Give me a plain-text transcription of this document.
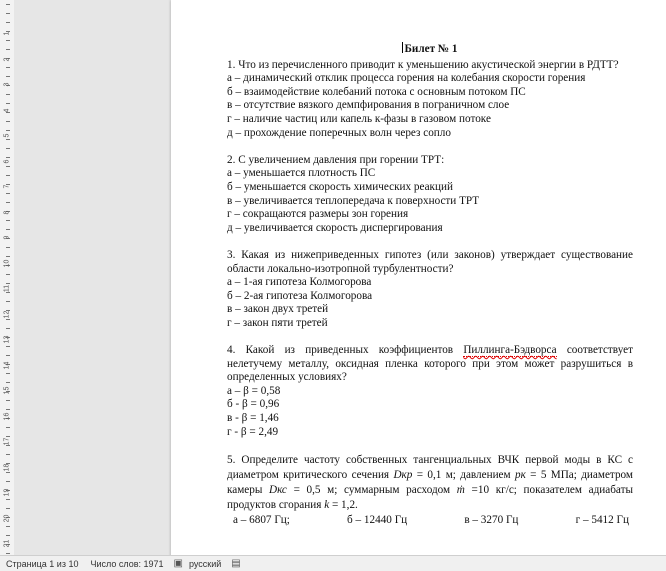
1
2
3
4
5
6
7
8
9
10
11
12
13
14
15
16
17
18
19
20
21
Билет № 1
1. Что из перечисленного приводит к уменьшению акустической энергии в РДТТ?
а – динамический отклик процесса горения на колебания скорости горения
б – взаимодействие колебаний потока с основным потоком ПС
в – отсутствие вязкого демпфирования в пограничном слое
г – наличие частиц или капель к-фазы в газовом потоке
д – прохождение поперечных волн через сопло
2. С увеличением давления при горении ТРТ:
а – уменьшается плотность ПС
б – уменьшается скорость химических реакций
в – увеличивается теплопередача к поверхности ТРТ
г – сокращаются размеры зон горения
д – увеличивается скорость диспергирования
3. Какая из нижеприведенных гипотез (или законов) утверждает существование области локально-изотропной турбулентности?
а – 1-ая гипотеза Колмогорова
б – 2-ая гипотеза Колмогорова
в – закон двух третей
г – закон пяти третей
4. Какой из приведенных коэффициентов Пиллинга-Бэдворса соответствует нелетучему металлу, оксидная пленка которого при этом может разрушиться в определенных условиях?
а – β = 0,58
б - β = 0,96
в - β = 1,46
г - β = 2,49
5. Определите частоту собственных тангенциальных ВЧК первой моды в КС с диаметром критического сечения Dкр = 0,1 м; давлением pк = 5 МПа; диаметром камеры Dкс = 0,5 м; суммарным расходом ṁ =10 кг/с; показателем адиабаты продуктов сгорания k = 1,2.
а – 6807 Гц;	б – 12440 Гц	в – 3270 Гц	г – 5412 Гц
Страница 1 из 10 Число слов: 1971 ▣ русский ▤
